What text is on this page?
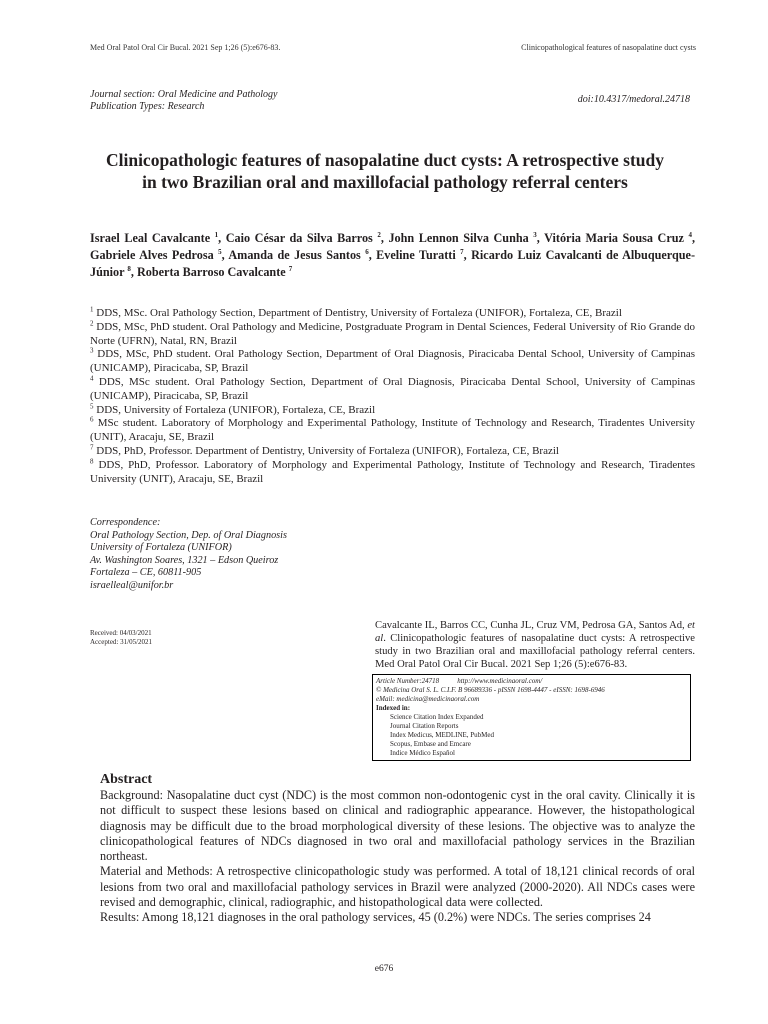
Med Oral Patol Oral Cir Bucal. 2021 Sep 1;26 (5):e676-83.	Clinicopathological features of nasopalatine duct cysts
Journal section: Oral Medicine and Pathology
Publication Types: Research
doi:10.4317/medoral.24718
Clinicopathologic features of nasopalatine duct cysts: A retrospective study
in two Brazilian oral and maxillofacial pathology referral centers
Israel Leal Cavalcante $^1$, Caio César da Silva Barros $^2$, John Lennon Silva Cunha $^3$, Vitória Maria Sousa Cruz $^4$, Gabriele Alves Pedrosa $^5$, Amanda de Jesus Santos $^6$, Eveline Turatti $^7$, Ricardo Luiz Cavalcanti de Albuquerque-Júnior $^8$, Roberta Barroso Cavalcante $^7$

$^1$ DDS, MSc. Oral Pathology Section, Department of Dentistry, University of Fortaleza (UNIFOR), Fortaleza, CE, Brazil

$^2$ DDS, MSc, PhD student. Oral Pathology and Medicine, Postgraduate Program in Dental Sciences, Federal University of Rio Grande do Norte (UFRN), Natal, RN, Brazil

$^3$ DDS, MSc, PhD student. Oral Pathology Section, Department of Oral Diagnosis, Piracicaba Dental School, University of Campinas (UNICAMP), Piracicaba, SP, Brazil

$^4$ DDS, MSc student. Oral Pathology Section, Department of Oral Diagnosis, Piracicaba Dental School, University of Campinas (UNICAMP), Piracicaba, SP, Brazil

$^5$ DDS, University of Fortaleza (UNIFOR), Fortaleza, CE, Brazil

$^6$ MSc student. Laboratory of Morphology and Experimental Pathology, Institute of Technology and Research, Tiradentes University (UNIT), Aracaju, SE, Brazil

$^7$ DDS, PhD, Professor. Department of Dentistry, University of Fortaleza (UNIFOR), Fortaleza, CE, Brazil

$^8$ DDS, PhD, Professor. Laboratory of Morphology and Experimental Pathology, Institute of Technology and Research, Tiradentes University (UNIT), Aracaju, SE, Brazil

Correspondence:
Oral Pathology Section, Dep. of Oral Diagnosis
University of Fortaleza (UNIFOR)
Av. Washington Soares, 1321 – Edson Queiroz
Fortaleza – CE, 60811-905
israelleal@unifor.br
Received: 04/03/2021
Accepted: 31/05/2021
Cavalcante IL, Barros CC, Cunha JL, Cruz VM, Pedrosa GA, Santos Ad, et al. Clinicopathologic features of nasopalatine duct cysts: A retrospective study in two Brazilian oral and maxillofacial pathology referral centers. Med Oral Patol Oral Cir Bucal. 2021 Sep 1;26 (5):e676-83.
Article Number:24718	http://www.medicinaoral.com/
© Medicina Oral S. L. C.I.F. B 96689336 - pISSN 1698-4447 - eISSN: 1698-6946
eMail: medicina@medicinaoral.com
Indexed in:
Science Citation Index Expanded
Journal Citation Reports
Index Medicus, MEDLINE, PubMed
Scopus, Embase and Emcare
Indice Médico Español
Abstract

Background: Nasopalatine duct cyst (NDC) is the most common non-odontogenic cyst in the oral cavity. Clinically it is not difficult to suspect these lesions based on clinical and radiographic appearance. However, the histopathological diagnosis may be difficult due to the broad morphological diversity of these lesions. The objective was to analyze the clinicopathological features of NDCs diagnosed in two oral and maxillofacial pathology services in the Brazilian northeast.

Material and Methods: A retrospective clinicopathologic study was performed. A total of 18,121 clinical records of oral lesions from two oral and maxillofacial pathology services in Brazil were analyzed (2000-2020). All NDCs cases were revised and demographic, clinical, radiographic, and histopathological data were collected.

Results: Among 18,121 diagnoses in the oral pathology services, 45 (0.2%) were NDCs. The series comprises 24

e676
